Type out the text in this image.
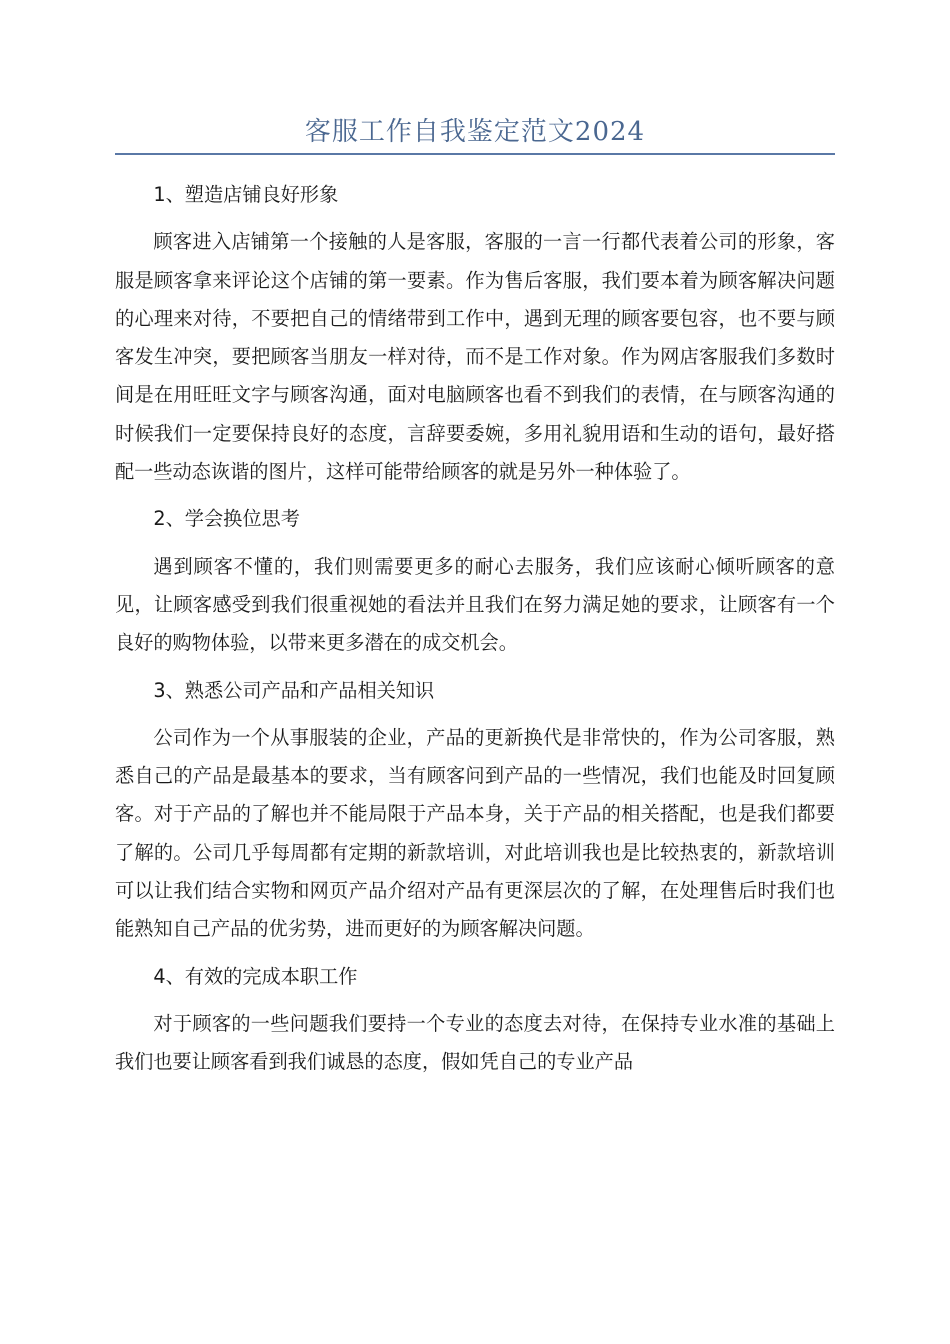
客服工作自我鉴定范文2024

1、塑造店铺良好形象

顾客进入店铺第一个接触的人是客服，客服的一言一行都代表着公司的形象，客服是顾客拿来评论这个店铺的第一要素。作为售后客服，我们要本着为顾客解决问题的心理来对待，不要把自己的情绪带到工作中，遇到无理的顾客要包容，也不要与顾客发生冲突，要把顾客当朋友一样对待，而不是工作对象。作为网店客服我们多数时间是在用旺旺文字与顾客沟通，面对电脑顾客也看不到我们的表情，在与顾客沟通的时候我们一定要保持良好的态度，言辞要委婉，多用礼貌用语和生动的语句，最好搭配一些动态诙谐的图片，这样可能带给顾客的就是另外一种体验了。

2、学会换位思考

遇到顾客不懂的，我们则需要更多的耐心去服务，我们应该耐心倾听顾客的意见，让顾客感受到我们很重视她的看法并且我们在努力满足她的要求，让顾客有一个良好的购物体验，以带来更多潜在的成交机会。

3、熟悉公司产品和产品相关知识

公司作为一个从事服装的企业，产品的更新换代是非常快的，作为公司客服，熟悉自己的产品是最基本的要求，当有顾客问到产品的一些情况，我们也能及时回复顾客。对于产品的了解也并不能局限于产品本身，关于产品的相关搭配，也是我们都要了解的。公司几乎每周都有定期的新款培训，对此培训我也是比较热衷的，新款培训可以让我们结合实物和网页产品介绍对产品有更深层次的了解，在处理售后时我们也能熟知自己产品的优劣势，进而更好的为顾客解决问题。

4、有效的完成本职工作

对于顾客的一些问题我们要持一个专业的态度去对待，在保持专业水准的基础上我们也要让顾客看到我们诚恳的态度，假如凭自己的专业产品
